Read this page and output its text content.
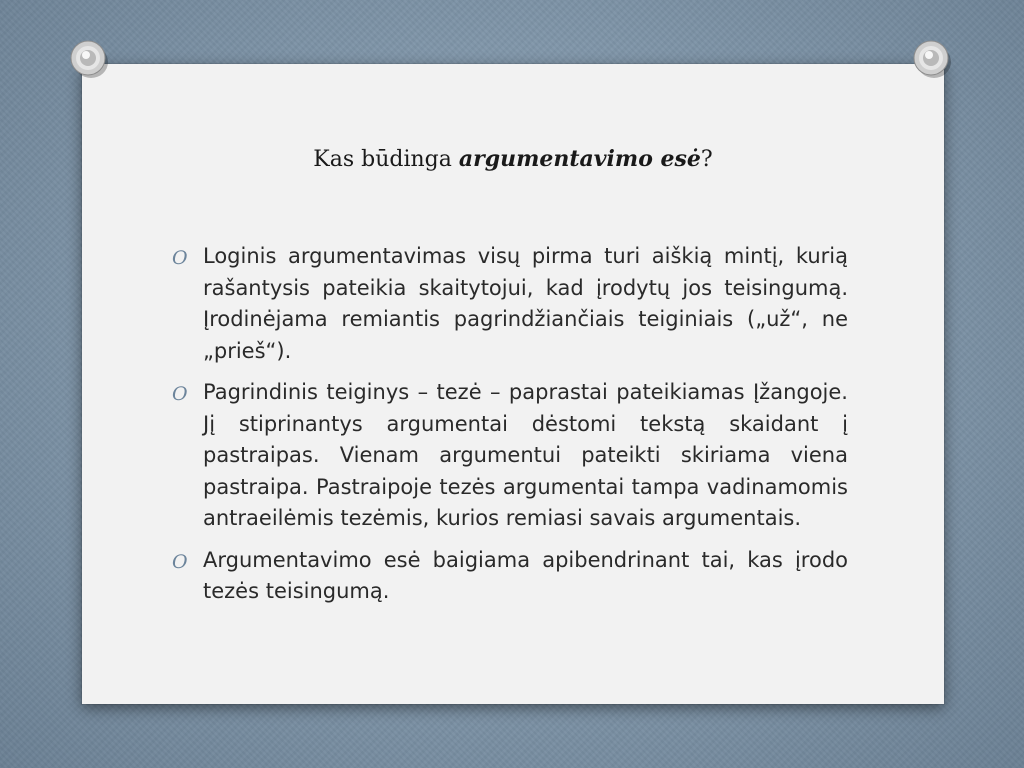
Kas būdinga argumentavimo esė?
O Loginis argumentavimas visų pirma turi aiškią mintį, kurią rašantysis pateikia skaitytojui, kad įrodytų jos teisingumą. Įrodinėjama remiantis pagrindžiančiais teiginiais („už“, ne „prieš“).
O Pagrindinis teiginys – tezė – paprastai pateikiamas Įžangoje. Jį stiprinantys argumentai dėstomi tekstą skaidant į pastraipas. Vienam argumentui pateikti skiriama viena pastraipa. Pastraipoje tezės argumentai tampa vadinamomis antraeilėmis tezėmis, kurios remiasi savais argumentais.
O Argumentavimo esė baigiama apibendrinant tai, kas įrodo tezės teisingumą.
